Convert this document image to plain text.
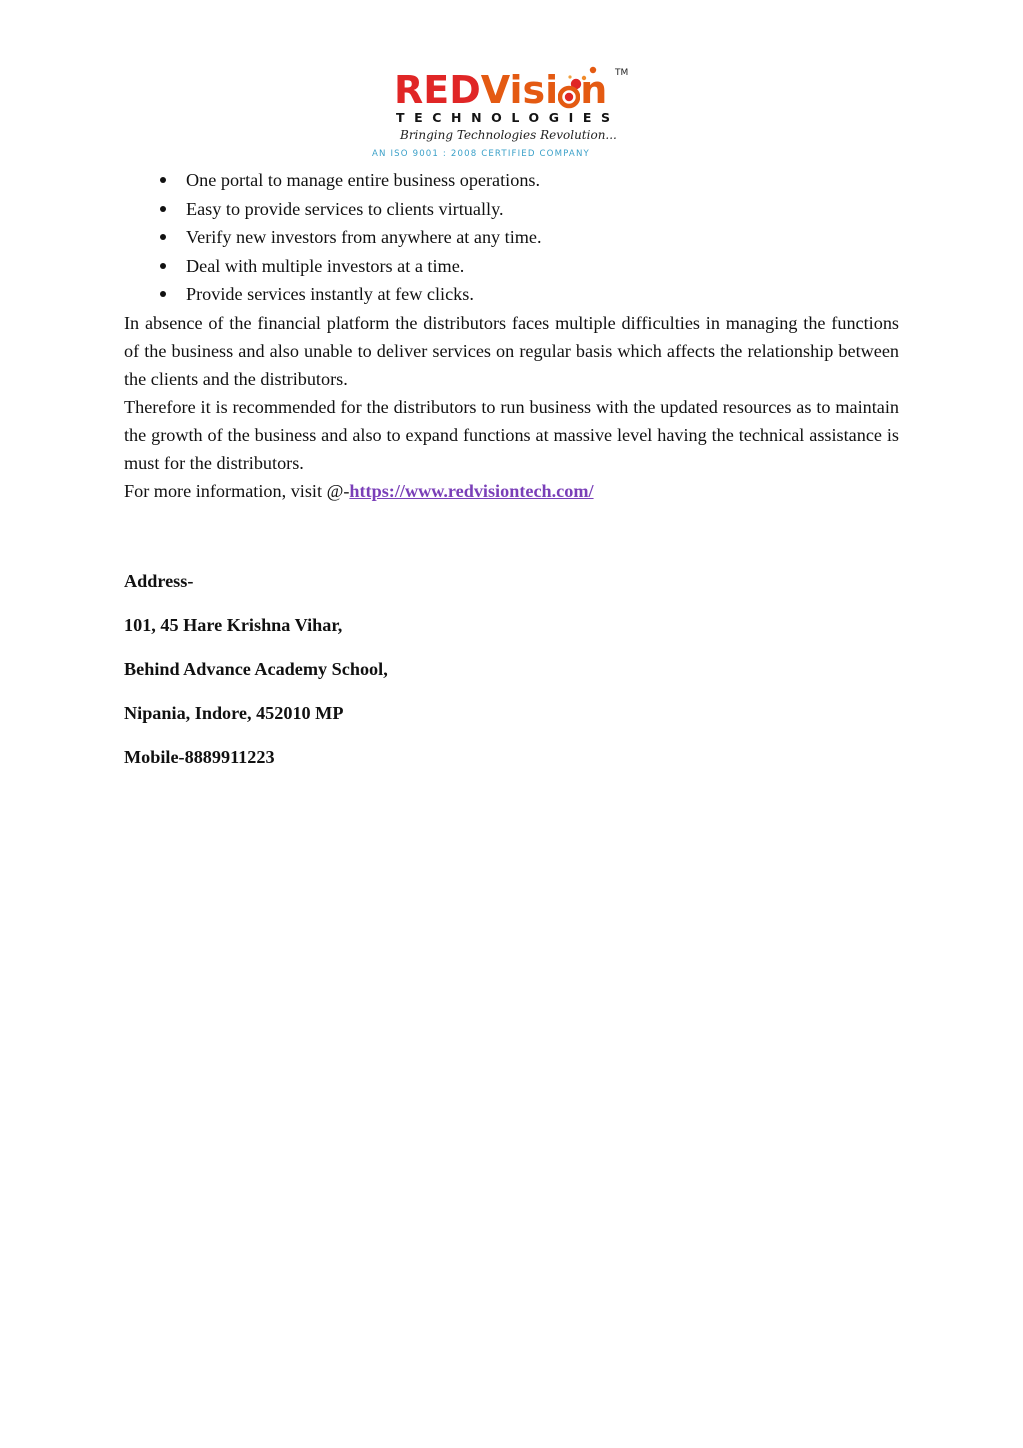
REDVisi n TM
TECHNOLOGIES
Bringing Technologies Revolution...
AN ISO 9001 : 2008 CERTIFIED COMPANY
One portal to manage entire business operations.
Easy to provide services to clients virtually.
Verify new investors from anywhere at any time.
Deal with multiple investors at a time.
Provide services instantly at few clicks.

In absence of the financial platform the distributors faces multiple difficulties in managing the functions of the business and also unable to deliver services on regular basis which affects the relationship between the clients and the distributors.

Therefore it is recommended for the distributors to run business with the updated resources as to maintain the growth of the business and also to expand functions at massive level having the technical assistance is must for the distributors.

For more information, visit @-https://www.redvisiontech.com/

Address-

101, 45 Hare Krishna Vihar,

Behind Advance Academy School,

Nipania, Indore, 452010 MP

Mobile-8889911223
